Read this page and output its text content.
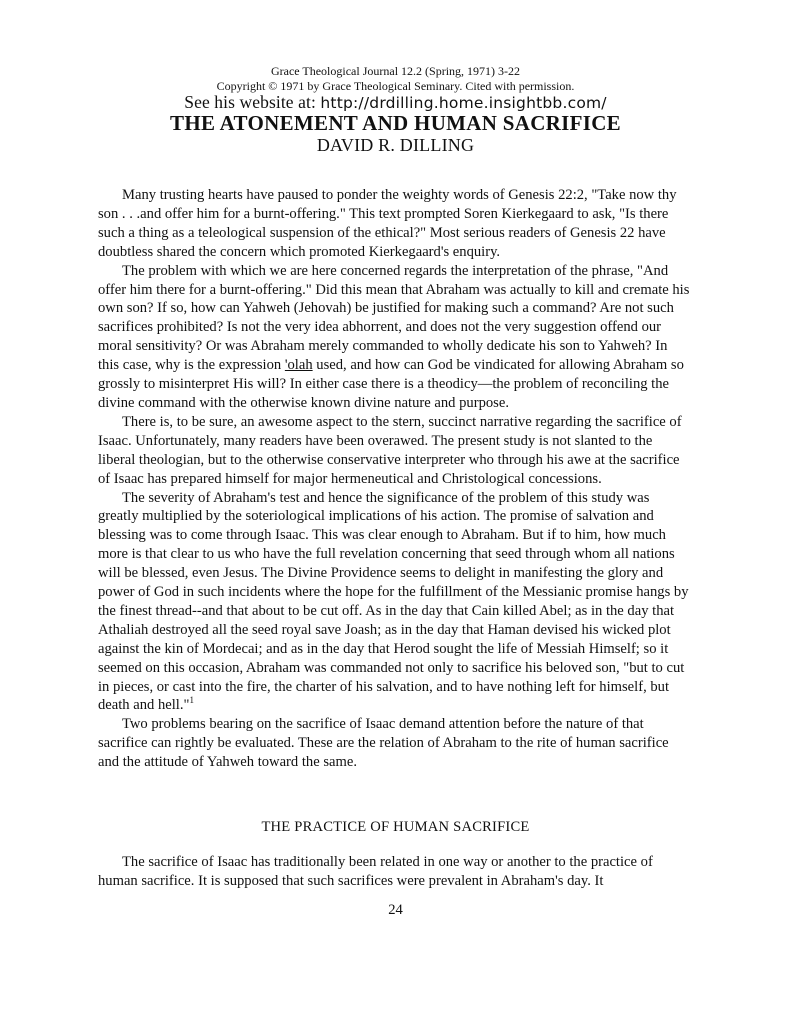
Grace Theological Journal 12.2 (Spring, 1971) 3-22
Copyright © 1971 by Grace Theological Seminary. Cited with permission.
See his website at: http://drdilling.home.insightbb.com/
THE ATONEMENT AND HUMAN SACRIFICE
DAVID R. DILLING

Many trusting hearts have paused to ponder the weighty words of Genesis 22:2, "Take now thy son . . .and offer him for a burnt-offering." This text prompted Soren Kierkegaard to ask, "Is there such a thing as a teleological suspension of the ethical?" Most serious readers of Genesis 22 have doubtless shared the concern which promoted Kierkegaard's enquiry.

The problem with which we are here concerned regards the interpretation of the phrase, "And offer him there for a burnt-offering." Did this mean that Abraham was actually to kill and cremate his own son? If so, how can Yahweh (Jehovah) be justified for making such a command? Are not such sacrifices prohibited? Is not the very idea abhorrent, and does not the very suggestion offend our moral sensitivity? Or was Abraham merely commanded to wholly dedicate his son to Yahweh? In this case, why is the expression 'olah used, and how can God be vindicated for allowing Abraham so grossly to misinterpret His will? In either case there is a theodicy—the problem of reconciling the divine command with the otherwise known divine nature and purpose.

There is, to be sure, an awesome aspect to the stern, succinct narrative regarding the sacrifice of Isaac. Unfortunately, many readers have been overawed. The present study is not slanted to the liberal theologian, but to the otherwise conservative interpreter who through his awe at the sacrifice of Isaac has prepared himself for major hermeneutical and Christological concessions.

The severity of Abraham's test and hence the significance of the problem of this study was greatly multiplied by the soteriological implications of his action. The promise of salvation and blessing was to come through Isaac. This was clear enough to Abraham. But if to him, how much more is that clear to us who have the full revelation concerning that seed through whom all nations will be blessed, even Jesus. The Divine Providence seems to delight in manifesting the glory and power of God in such incidents where the hope for the fulfillment of the Messianic promise hangs by the finest thread--and that about to be cut off. As in the day that Cain killed Abel; as in the day that Athaliah destroyed all the seed royal save Joash; as in the day that Haman devised his wicked plot against the kin of Mordecai; and as in the day that Herod sought the life of Messiah Himself; so it seemed on this occasion, Abraham was commanded not only to sacrifice his beloved son, "but to cut in pieces, or cast into the fire, the charter of his salvation, and to have nothing left for himself, but death and hell."$^1$

Two problems bearing on the sacrifice of Isaac demand attention before the nature of that sacrifice can rightly be evaluated. These are the relation of Abraham to the rite of human sacrifice and the attitude of Yahweh toward the same.

THE PRACTICE OF HUMAN SACRIFICE

The sacrifice of Isaac has traditionally been related in one way or another to the practice of human sacrifice. It is supposed that such sacrifices were prevalent in Abraham's day. It

24
